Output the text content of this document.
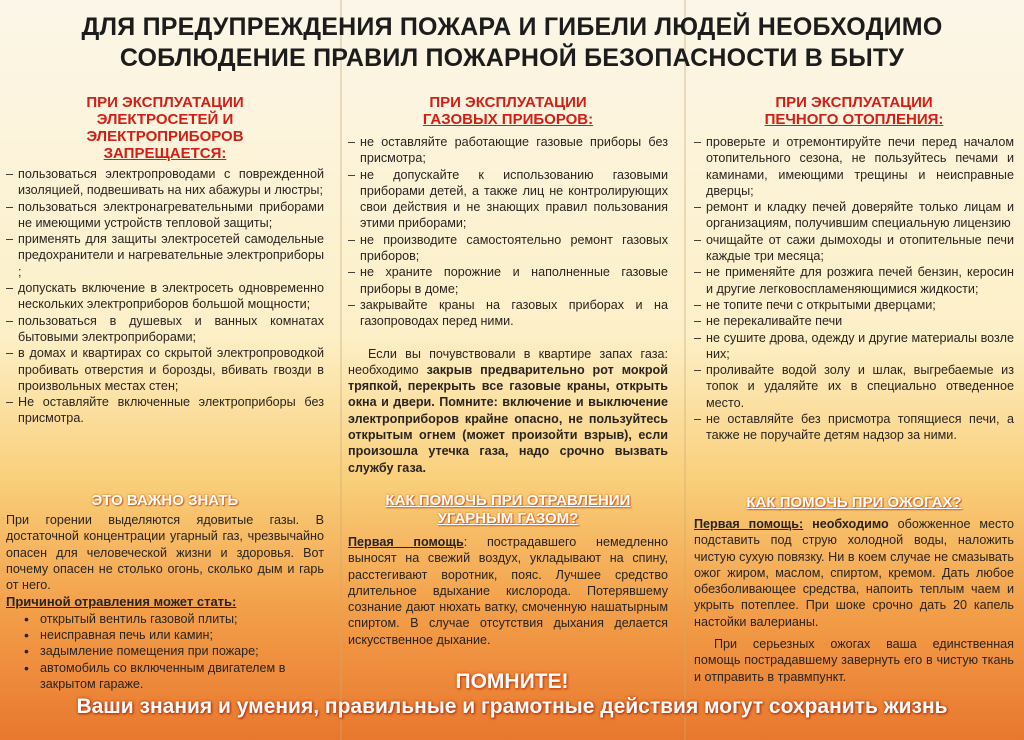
ДЛЯ ПРЕДУПРЕЖДЕНИЯ ПОЖАРА И ГИБЕЛИ ЛЮДЕЙ НЕОБХОДИМО
СОБЛЮДЕНИЕ ПРАВИЛ ПОЖАРНОЙ БЕЗОПАСНОСТИ В БЫТУ
ПРИ ЭКСПЛУАТАЦИИ
ЭЛЕКТРОСЕТЕЙ И
ЭЛЕКТРОПРИБОРОВ
ЗАПРЕЩАЕТСЯ:
– пользоваться электропроводами с поврежденной изоляцией, подвешивать на них абажуры и люстры;
– пользоваться электронагревательными приборами не имеющими устройств тепловой защиты;
– применять для защиты электросетей самодельные предохранители и нагревательные электроприборы ;
– допускать включение в электросеть одновременно нескольких электроприборов большой мощности;
– пользоваться в душевых и ванных комнатах бытовыми электроприборами;
– в домах и квартирах со скрытой электропроводкой пробивать отверстия и борозды, вбивать гвозди в произвольных местах стен;
– Не оставляйте включенные электроприборы без присмотра.
ЭТО ВАЖНО ЗНАТЬ

При горении выделяются ядовитые газы. В достаточной концентрации угарный газ, чрезвычайно опасен для человеческой жизни и здоровья. Вот почему опасен не столько огонь, сколько дым и гарь от него.

Причиной отравления может стать:
• открытый вентиль газовой плиты;
• неисправная печь или камин;
• задымление помещения при пожаре;
• автомобиль со включенным двигателем в закрытом гараже.
ПРИ ЭКСПЛУАТАЦИИ
ГАЗОВЫХ ПРИБОРОВ:
– не оставляйте работающие газовые приборы без присмотра;
– не допускайте к использованию газовыми приборами детей, а также лиц не контролирующих свои действия и не знающих правил пользования этими приборами;
– не производите самостоятельно ремонт газовых приборов;
– не храните порожние и наполненные газовые приборы в доме;
– закрывайте краны на газовых приборах и на газопроводах перед ними.

Если вы почувствовали в квартире запах газа: необходимо закрыв предварительно рот мокрой тряпкой, перекрыть все газовые краны, открыть окна и двери. Помните: включение и выключение электроприборов крайне опасно, не пользуйтесь открытым огнем (может произойти взрыв), если произошла утечка газа, надо срочно вызвать службу газа.

КАК ПОМОЧЬ ПРИ ОТРАВЛЕНИИ
УГАРНЫМ ГАЗОМ?

Первая помощь: пострадавшего немедленно выносят на свежий воздух, укладывают на спину, расстегивают воротник, пояс. Лучшее средство длительное вдыхание кислорода. Потерявшему сознание дают нюхать ватку, смоченную нашатырным спиртом. В случае отсутствия дыхания делается искусственное дыхание.

ПРИ ЭКСПЛУАТАЦИИ
ПЕЧНОГО ОТОПЛЕНИЯ:
– проверьте и отремонтируйте печи перед началом отопительного сезона, не пользуйтесь печами и каминами, имеющими трещины и неисправные дверцы;
– ремонт и кладку печей доверяйте только лицам и организациям, получившим специальную лицензию
– очищайте от сажи дымоходы и отопительные печи каждые три месяца;
– не применяйте для розжига печей бензин, керосин и другие легковоспламеняющимися жидкости;
– не топите печи с открытыми дверцами;
– не перекаливайте печи
– не сушите дрова, одежду и другие материалы возле них;
– проливайте водой золу и шлак, выгребаемые из топок и удаляйте их в специально отведенное место.
– не оставляйте без присмотра топящиеся печи, а также не поручайте детям надзор за ними.
КАК ПОМОЧЬ ПРИ ОЖОГАХ?

Первая помощь: необходимо обожженное место подставить под струю холодной воды, наложить чистую сухую повязку. Ни в коем случае не смазывать ожог жиром, маслом, спиртом, кремом. Дать любое обезболивающее средства, напоить теплым чаем и укрыть потеплее. При шоке срочно дать 20 капель настойки валерианы.

При серьезных ожогах ваша единственная помощь пострадавшему завернуть его в чистую ткань и отправить в травмпункт.

ПОМНИТЕ!
Ваши знания и умения, правильные и грамотные действия могут сохранить жизнь
